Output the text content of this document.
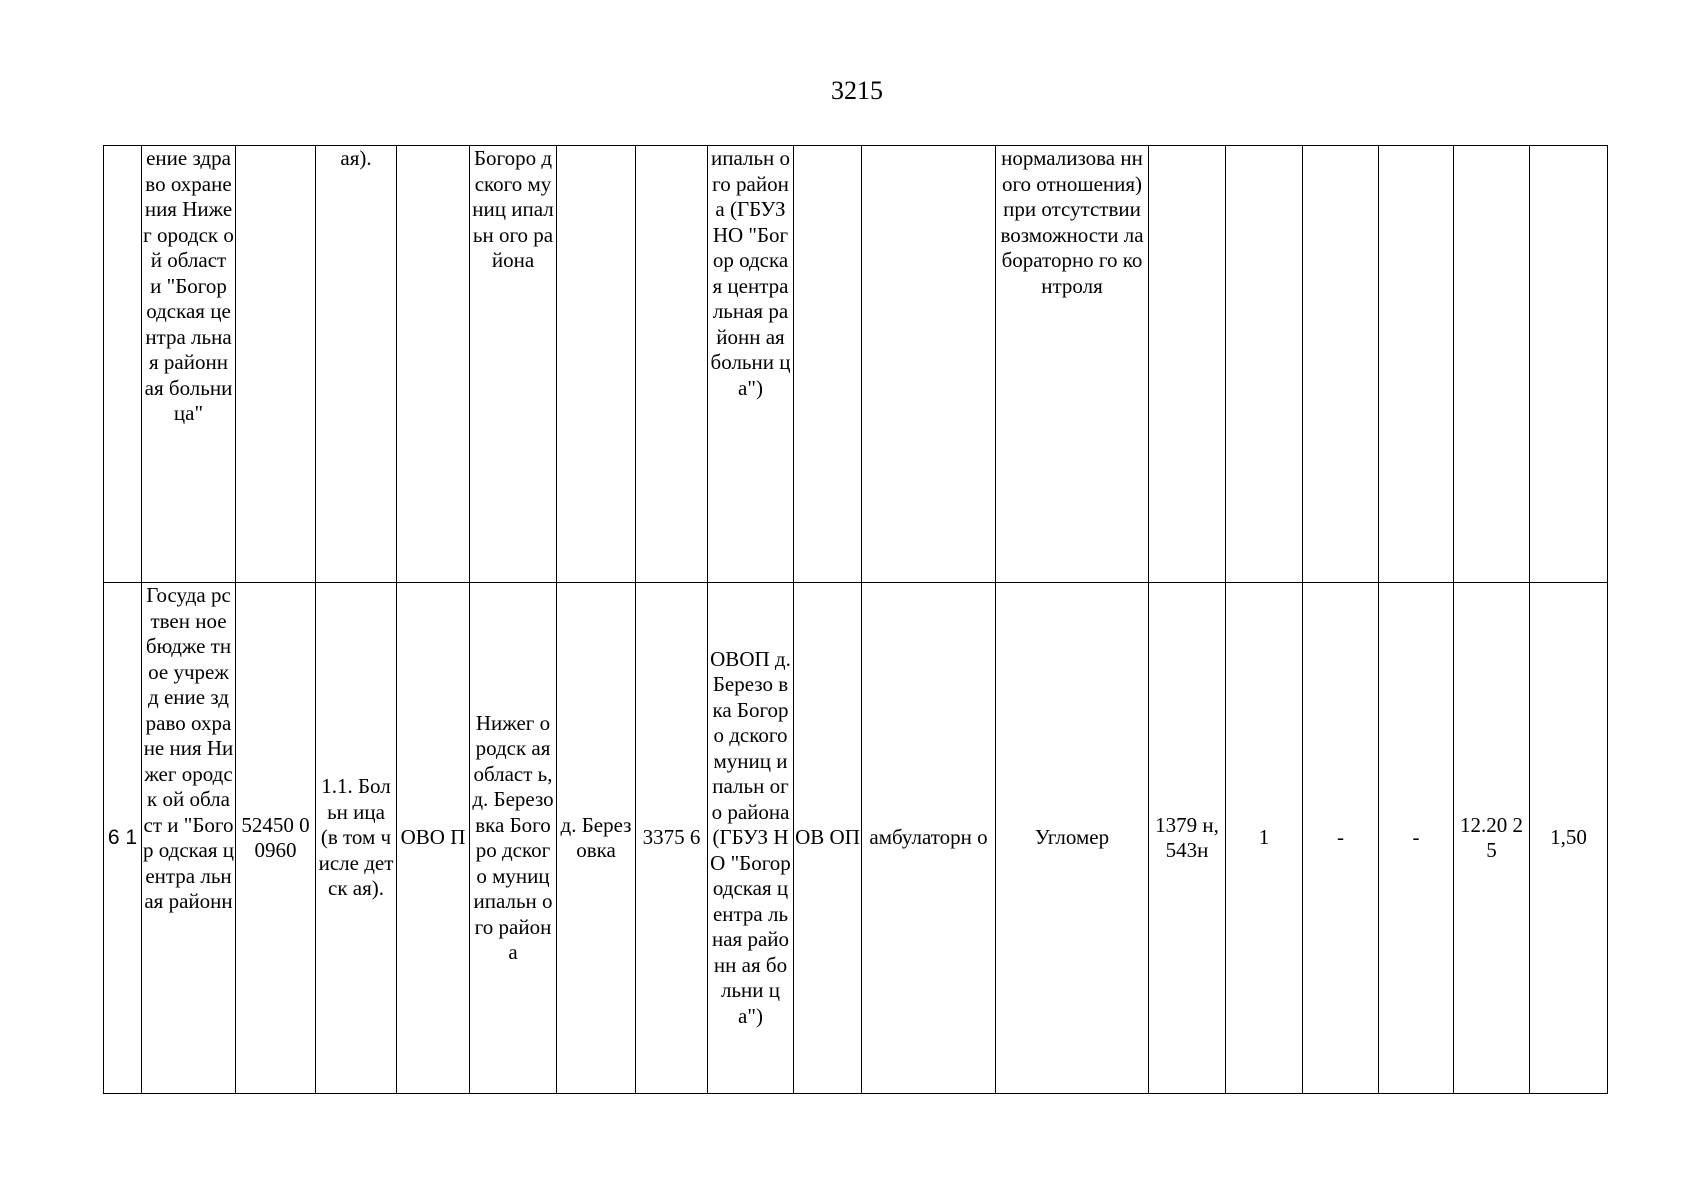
3215
	ение здраво охране ния Нижег ородск ой област и "Богор одская центра льная районн ая больни ца"		ая).		Богоро дского муниц ипальн ого района			ипальн ого района (ГБУЗ НО "Богор одская центра льная районн ая больни ца")			нормализова нного отношения) при отсутствии возможности лабораторно го контроля						
6 1	Госуда рствен ное бюдже тное учрежд ение здраво охране ния Нижег ородск ой област и "Богор одская центра льная районн	52450 00960	1.1. Больн ица (в том числе детск ая).	ОВО П	Нижег ородск ая област ь, д. Березо вка Богоро дского муниц ипальн ого района	д. Берез овка	3375 6	ОВОП д. Березо вка Богоро дского муниц ипальн ого района (ГБУЗ НО "Богор одская центра льная районн ая больни ца")	ОВ ОП	амбулаторн о	Угломер	1379 н, 543н	1	-	-	12.20 25	1,50
